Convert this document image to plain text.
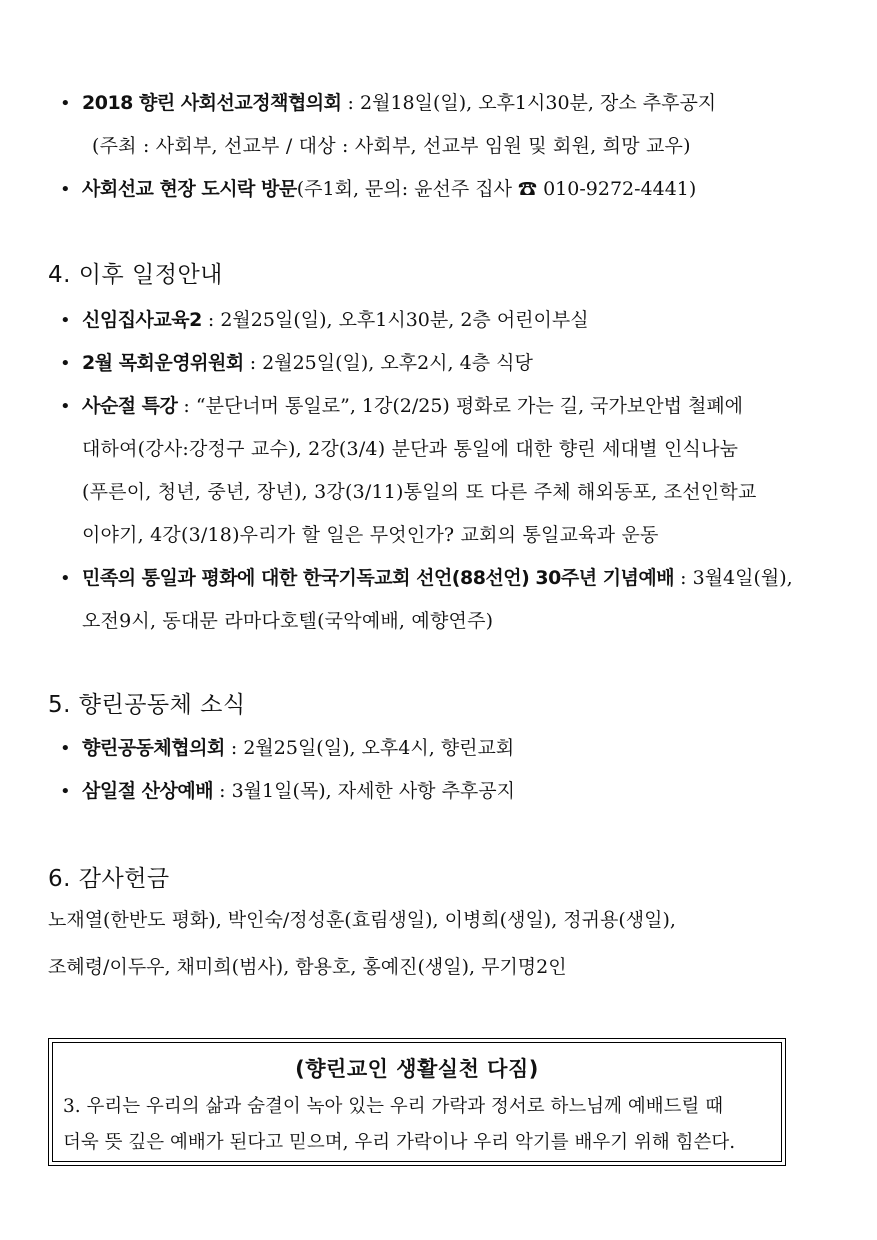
• 2018 향린 사회선교정책협의회 : 2월18일(일), 오후1시30분, 장소 추후공지
(주최 : 사회부, 선교부 / 대상 : 사회부, 선교부 임원 및 회원, 희망 교우)
• 사회선교 현장 도시락 방문(주1회, 문의: 윤선주 집사 ☎ 010-9272-4441)
4. 이후 일정안내
• 신임집사교육2 : 2월25일(일), 오후1시30분, 2층 어린이부실
• 2월 목회운영위원회 : 2월25일(일), 오후2시, 4층 식당
• 사순절 특강 : “분단너머 통일로”, 1강(2/25) 평화로 가는 길, 국가보안법 철폐에
대하여(강사:강정구 교수), 2강(3/4) 분단과 통일에 대한 향린 세대별 인식나눔
(푸른이, 청년, 중년, 장년), 3강(3/11)통일의 또 다른 주체 해외동포, 조선인학교
이야기, 4강(3/18)우리가 할 일은 무엇인가? 교회의 통일교육과 운동
• 민족의 통일과 평화에 대한 한국기독교회 선언(88선언) 30주년 기념예배 : 3월4일(월),
오전9시, 동대문 라마다호텔(국악예배, 예향연주)
5. 향린공동체 소식
• 향린공동체협의회 : 2월25일(일), 오후4시, 향린교회
• 삼일절 산상예배 : 3월1일(목), 자세한 사항 추후공지
6. 감사헌금
노재열(한반도 평화), 박인숙/정성훈(효림생일), 이병희(생일), 정귀용(생일),
조혜령/이두우, 채미희(범사), 함용호, 홍예진(생일), 무기명2인
(향린교인 생활실천 다짐)
3. 우리는 우리의 삶과 숨결이 녹아 있는 우리 가락과 정서로 하느님께 예배드릴 때
더욱 뜻 깊은 예배가 된다고 믿으며, 우리 가락이나 우리 악기를 배우기 위해 힘쓴다.
